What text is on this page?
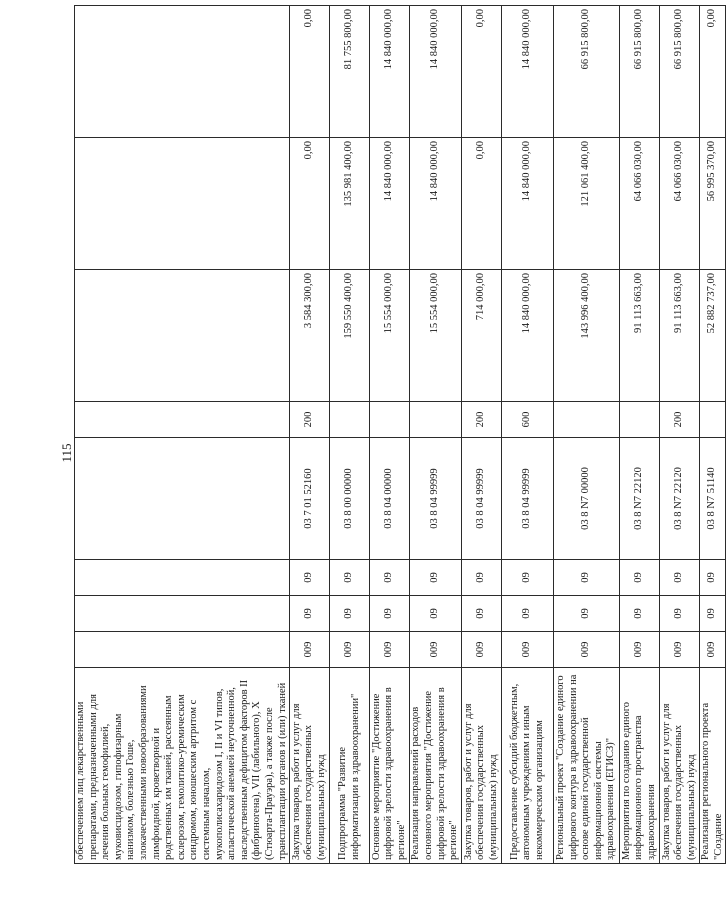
115
обеспечением лиц лекарственными препаратами, предназначенными для лечения больных гемофилией, муковисцидозом, гипофизарным нанизмом, болезнью Гоше, злокачественными новообразованиями лимфоидной, кроветворной и родственных им тканей, рассеянным склерозом, гемолитико-уремическим синдромом, юношеским артритом с системным началом, мукополисахаридозом I, II и VI типов, апластической анемией неуточненной, наследственным дефицитом факторов II (фибриногена), VII (лабильного), X (Стюарта-Прауэра), а также после трансплантации органов и (или) тканей								
Закупка товаров, работ и услуг для обеспечения государственных (муниципальных) нужд	009	09	09	03 7 01 52160	200	3 584 300,00	0,00	0,00
Подпрограмма "Развитие информатизации в здравоохранении"	009	09	09	03 8 00 00000		159 550 400,00	135 981 400,00	81 755 800,00
Основное мероприятие "Достижение цифровой зрелости здравоохранения в регионе"	009	09	09	03 8 04 00000		15 554 000,00	14 840 000,00	14 840 000,00
Реализация направлений расходов основного мероприятия "Достижение цифровой зрелости здравоохранения в регионе"	009	09	09	03 8 04 99999		15 554 000,00	14 840 000,00	14 840 000,00
Закупка товаров, работ и услуг для обеспечения государственных (муниципальных) нужд	009	09	09	03 8 04 99999	200	714 000,00	0,00	0,00
Предоставление субсидий бюджетным, автономным учреждениям и иным некоммерческим организациям	009	09	09	03 8 04 99999	600	14 840 000,00	14 840 000,00	14 840 000,00
Региональный проект "Создание единого цифрового контура в здравоохранении на основе единой государственной информационной системы здравоохранения (ЕГИСЗ)"	009	09	09	03 8 N7 00000		143 996 400,00	121 061 400,00	66 915 800,00
Мероприятия по созданию единого информационного пространства здравоохранения	009	09	09	03 8 N7 22120		91 113 663,00	64 066 030,00	66 915 800,00
Закупка товаров, работ и услуг для обеспечения государственных (муниципальных) нужд	009	09	09	03 8 N7 22120	200	91 113 663,00	64 066 030,00	66 915 800,00
Реализация регионального проекта "Создание	009	09	09	03 8 N7 51140		52 882 737,00	56 995 370,00	0,00
